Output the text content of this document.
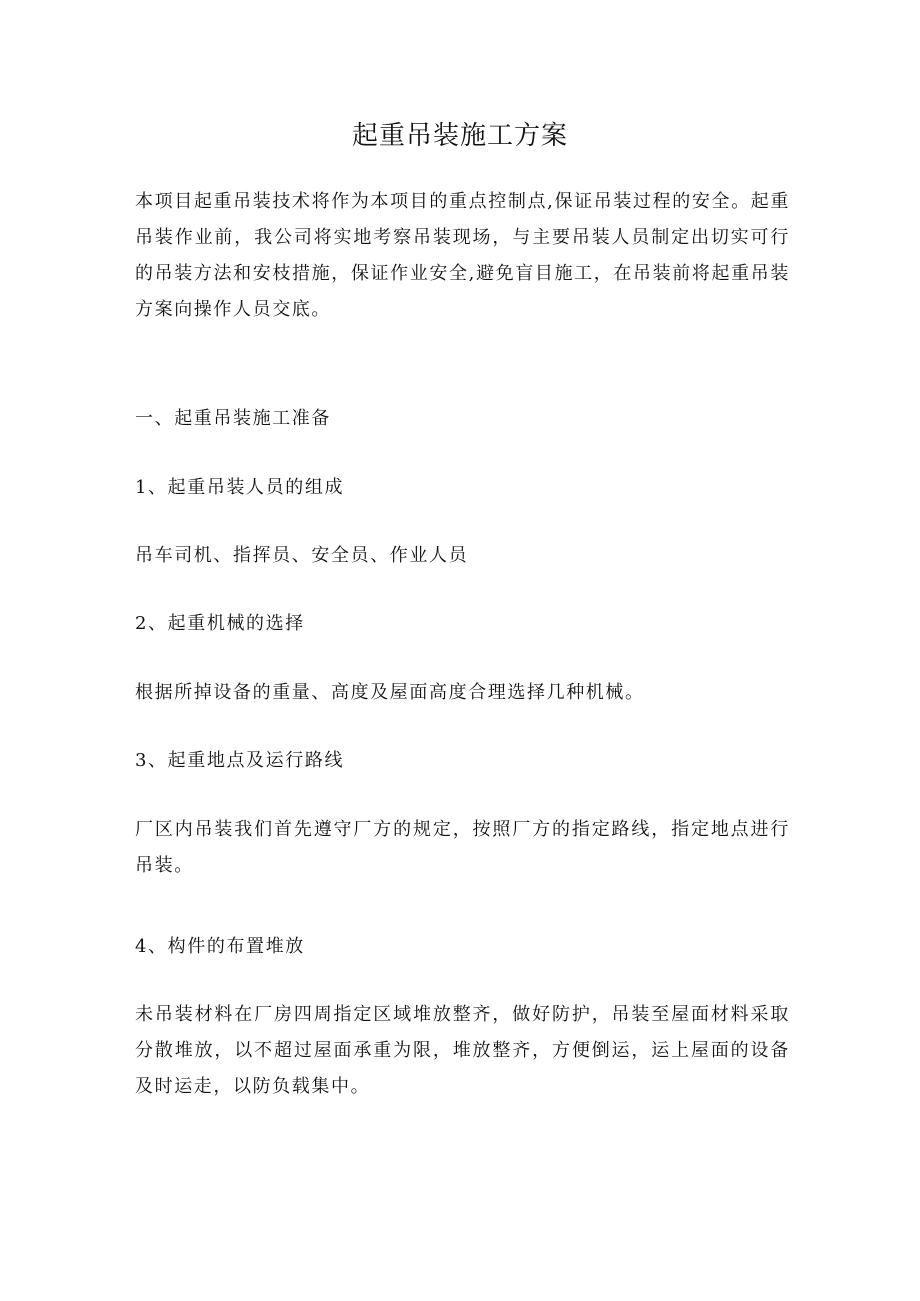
起重吊装施工方案
本项目起重吊装技术将作为本项目的重点控制点,保证吊装过程的安全。起重吊装作业前，我公司将实地考察吊装现场，与主要吊装人员制定出切实可行的吊装方法和安枝措施，保证作业安全,避免盲目施工，在吊装前将起重吊装方案向操作人员交底。
一、起重吊装施工准备
1、起重吊装人员的组成
吊车司机、指挥员、安全员、作业人员
2、起重机械的选择
根据所掉设备的重量、高度及屋面高度合理选择几种机械。
3、起重地点及运行路线
厂区内吊装我们首先遵守厂方的规定，按照厂方的指定路线，指定地点进行吊装。
4、构件的布置堆放
未吊装材料在厂房四周指定区域堆放整齐，做好防护，吊装至屋面材料采取分散堆放，以不超过屋面承重为限，堆放整齐，方便倒运，运上屋面的设备及时运走，以防负载集中。
